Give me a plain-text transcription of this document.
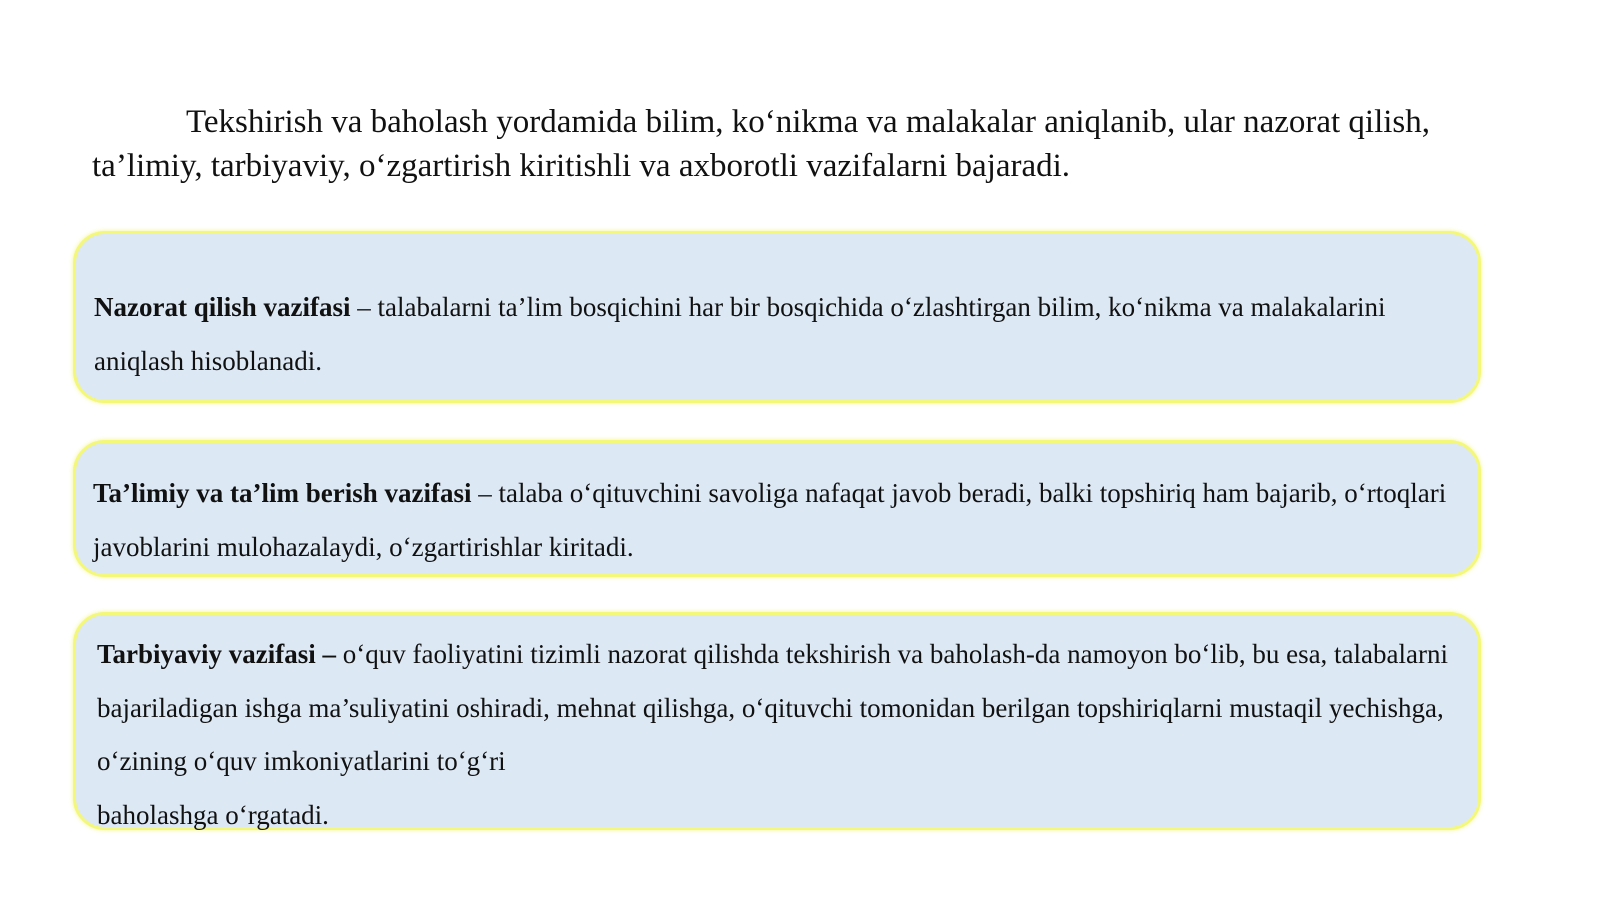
Tekshirish va baholash yordamida bilim, ko‘nikma va malakalar aniqlanib, ular nazorat qilish, ta’limiy, tarbiyaviy, o‘zgartirish kiritishli va axborotli vazifalarni bajaradi.

Nazorat qilish vazifasi – talabalarni ta’lim bosqichini har bir bosqichida o‘zlashtirgan bilim, ko‘nikma va malakalarini aniqlash hisoblanadi.

Ta’limiy va ta’lim berish vazifasi – talaba o‘qituvchini savoliga nafaqat javob beradi, balki topshiriq ham bajarib, o‘rtoqlari javoblarini mulohazalaydi, o‘zgartirishlar kiritadi.

Tarbiyaviy vazifasi – o‘quv faoliyatini tizimli nazorat qilishda tekshirish va baholash-da namoyon bo‘lib, bu esa, talabalarni bajariladigan ishga ma’suliyatini oshiradi, mehnat qilishga, o‘qituvchi tomonidan berilgan topshiriqlarni mustaqil yechishga, o‘zining o‘quv imkoniyatlarini to‘g‘ri

baholashga o‘rgatadi.
